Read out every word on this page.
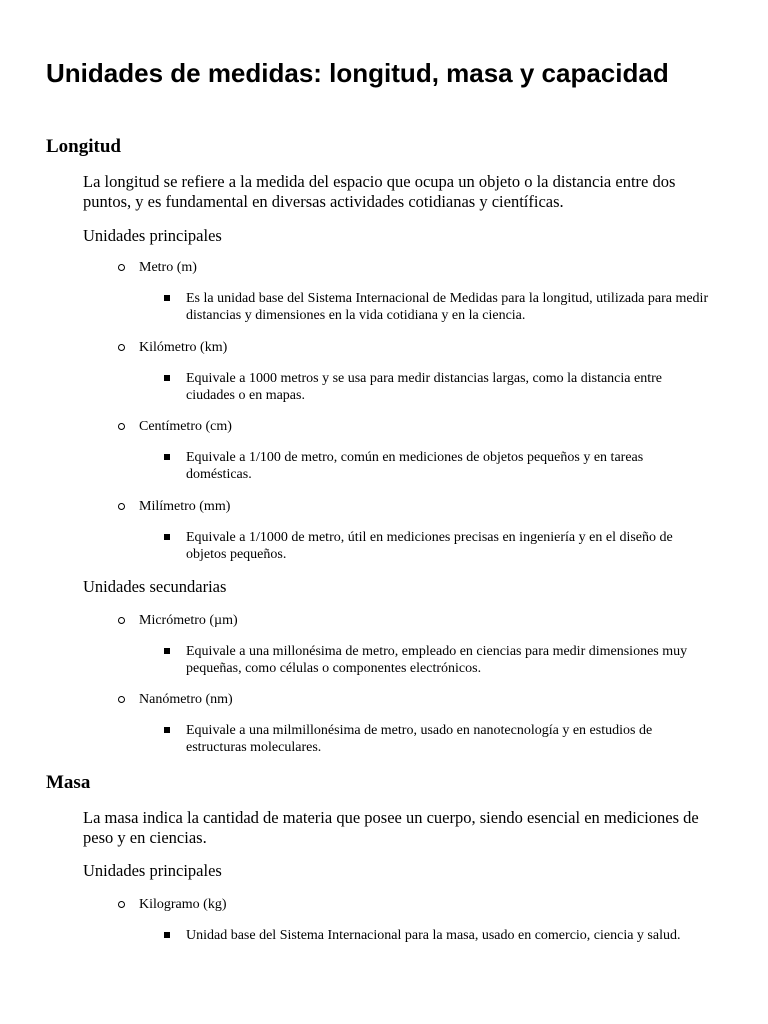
Unidades de medidas: longitud, masa y capacidad
Longitud

La longitud se refiere a la medida del espacio que ocupa un objeto o la distancia entre dos puntos, y es fundamental en diversas actividades cotidianas y científicas.

Unidades principales

Metro (m)
Es la unidad base del Sistema Internacional de Medidas para la longitud, utilizada para medir distancias y dimensiones en la vida cotidiana y en la ciencia.
Kilómetro (km)
Equivale a 1000 metros y se usa para medir distancias largas, como la distancia entre ciudades o en mapas.
Centímetro (cm)
Equivale a 1/100 de metro, común en mediciones de objetos pequeños y en tareas domésticas.
Milímetro (mm)
Equivale a 1/1000 de metro, útil en mediciones precisas en ingeniería y en el diseño de objetos pequeños.

Unidades secundarias

Micrómetro (µm)
Equivale a una millonésima de metro, empleado en ciencias para medir dimensiones muy pequeñas, como células o componentes electrónicos.
Nanómetro (nm)
Equivale a una milmillonésima de metro, usado en nanotecnología y en estudios de estructuras moleculares.
Masa

La masa indica la cantidad de materia que posee un cuerpo, siendo esencial en mediciones de peso y en ciencias.

Unidades principales

Kilogramo (kg)
Unidad base del Sistema Internacional para la masa, usado en comercio, ciencia y salud.
